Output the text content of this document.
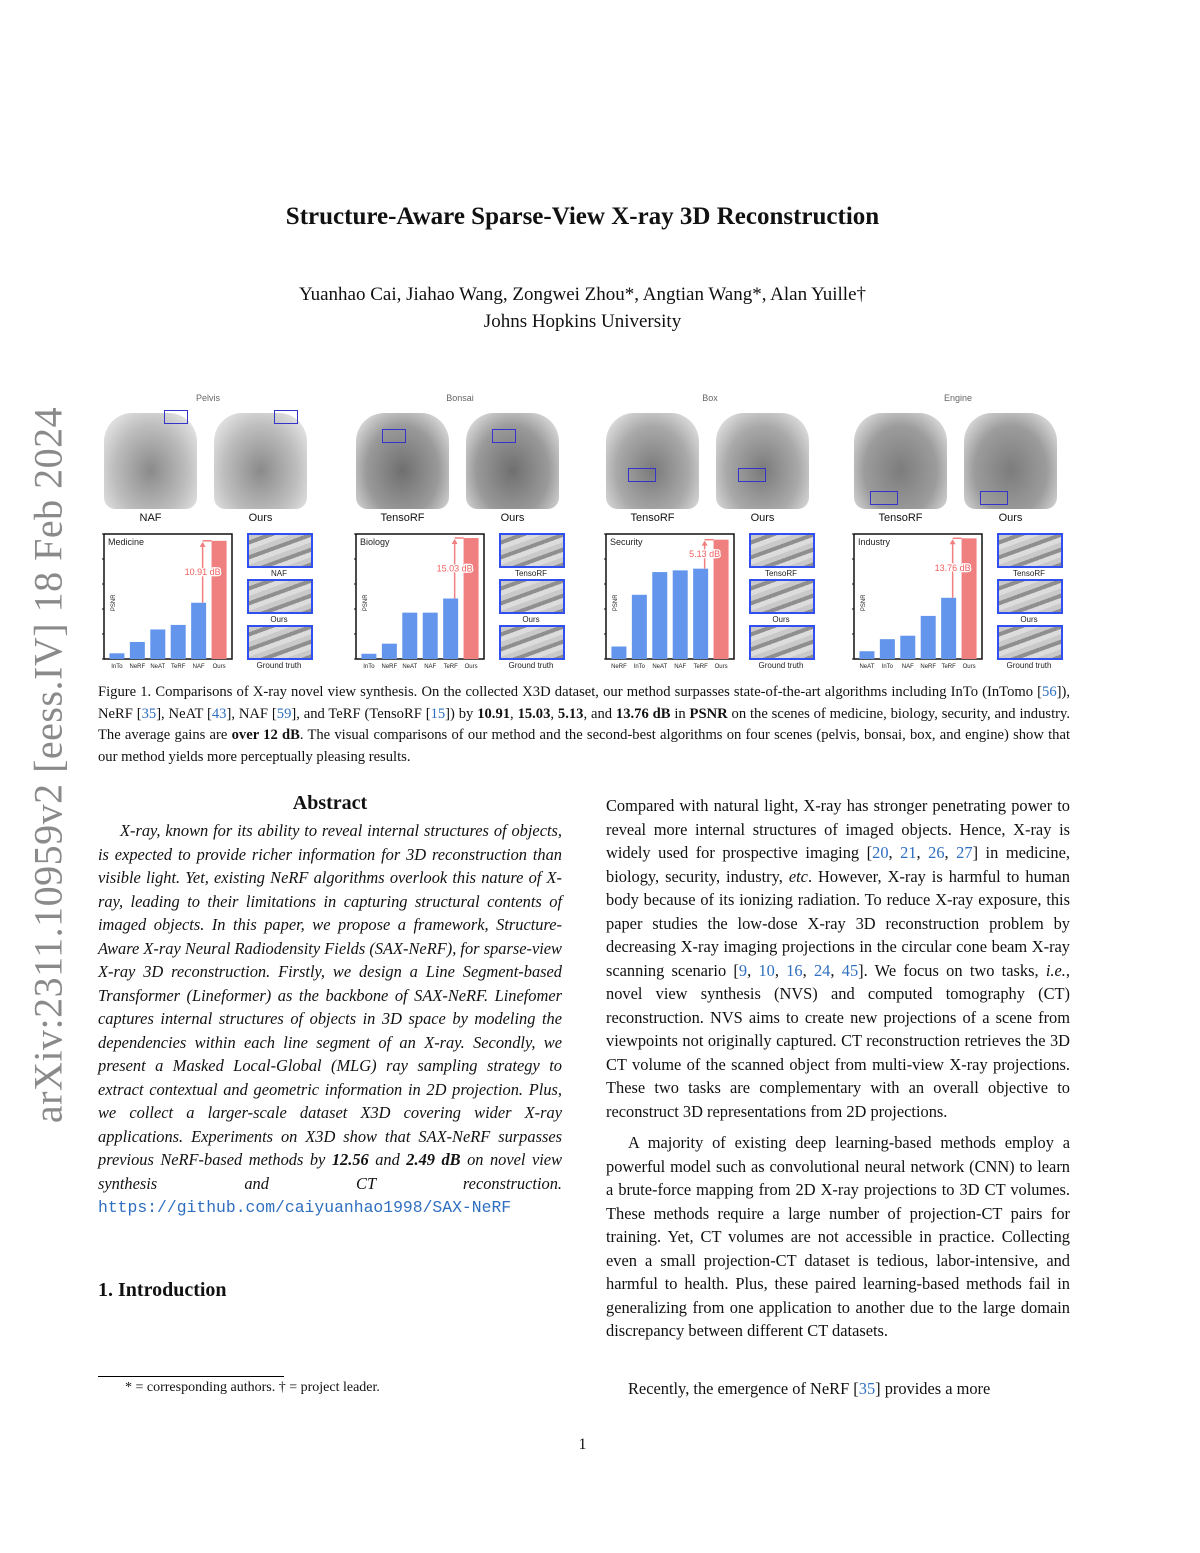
arXiv:2311.10959v2 [eess.IV] 18 Feb 2024
Structure-Aware Sparse-View X-ray 3D Reconstruction
Yuanhao Cai, Jiahao Wang, Zongwei Zhou*, Angtian Wang*, Alan Yuille†
Johns Hopkins University
Pelvis
NAF	Ours
InTo NeRF NeAT TeRF NAF Ours
Medicine
PSNR
10.91 dB	NAF
Ours
Ground truth
Bonsai
TensoRF	Ours
InTo NeRF NeAT NAF TeRF Ours
Biology
PSNR
15.03 dB
TensoRF
Ours
Ground truth
Box
TensoRF	Ours
NeRF InTo NeAT NAF TeRF Ours
Security
PSNR
5.13 dB
TensoRF
Ours
Ground truth
Engine
TensoRF	Ours
NeAT InTo NAF NeRF TeRF Ours
Industry
PSNR
13.76 dB
TensoRF
Ours
Ground truth
Figure 1. Comparisons of X-ray novel view synthesis. On the collected X3D dataset, our method surpasses state-of-the-art algorithms including InTo (InTomo [56]), NeRF [35], NeAT [43], NAF [59], and TeRF (TensoRF [15]) by 10.91, 15.03, 5.13, and 13.76 dB in PSNR on the scenes of medicine, biology, security, and industry. The average gains are over 12 dB. The visual comparisons of our method and the second-best algorithms on four scenes (pelvis, bonsai, box, and engine) show that our method yields more perceptually pleasing results.
Abstract

X-ray, known for its ability to reveal internal structures of objects, is expected to provide richer information for 3D reconstruction than visible light. Yet, existing NeRF algorithms overlook this nature of X-ray, leading to their limitations in capturing structural contents of imaged objects. In this paper, we propose a framework, Structure-Aware X-ray Neural Radiodensity Fields (SAX-NeRF), for sparse-view X-ray 3D reconstruction. Firstly, we design a Line Segment-based Transformer (Lineformer) as the backbone of SAX-NeRF. Linefomer captures internal structures of objects in 3D space by modeling the dependencies within each line segment of an X-ray. Secondly, we present a Masked Local-Global (MLG) ray sampling strategy to extract contextual and geometric information in 2D projection. Plus, we collect a larger-scale dataset X3D covering wider X-ray applications. Experiments on X3D show that SAX-NeRF surpasses previous NeRF-based methods by 12.56 and 2.49 dB on novel view synthesis and CT reconstruction. https://github.com/caiyuanhao1998/SAX-NeRF

1. Introduction

* = corresponding authors. † = project leader.

Compared with natural light, X-ray has stronger penetrating power to reveal more internal structures of imaged objects. Hence, X-ray is widely used for prospective imaging [20, 21, 26, 27] in medicine, biology, security, industry, etc. However, X-ray is harmful to human body because of its ionizing radiation. To reduce X-ray exposure, this paper studies the low-dose X-ray 3D reconstruction problem by decreasing X-ray imaging projections in the circular cone beam X-ray scanning scenario [9, 10, 16, 24, 45]. We focus on two tasks, i.e., novel view synthesis (NVS) and computed tomography (CT) reconstruction. NVS aims to create new projections of a scene from viewpoints not originally captured. CT reconstruction retrieves the 3D CT volume of the scanned object from multi-view X-ray projections. These two tasks are complementary with an overall objective to reconstruct 3D representations from 2D projections.

A majority of existing deep learning-based methods employ a powerful model such as convolutional neural network (CNN) to learn a brute-force mapping from 2D X-ray projections to 3D CT volumes. These methods require a large number of projection-CT pairs for training. Yet, CT volumes are not accessible in practice. Collecting even a small projection-CT dataset is tedious, labor-intensive, and harmful to health. Plus, these paired learning-based methods fail in generalizing from one application to another due to the large domain discrepancy between different CT datasets.

Recently, the emergence of NeRF [35] provides a more

1
